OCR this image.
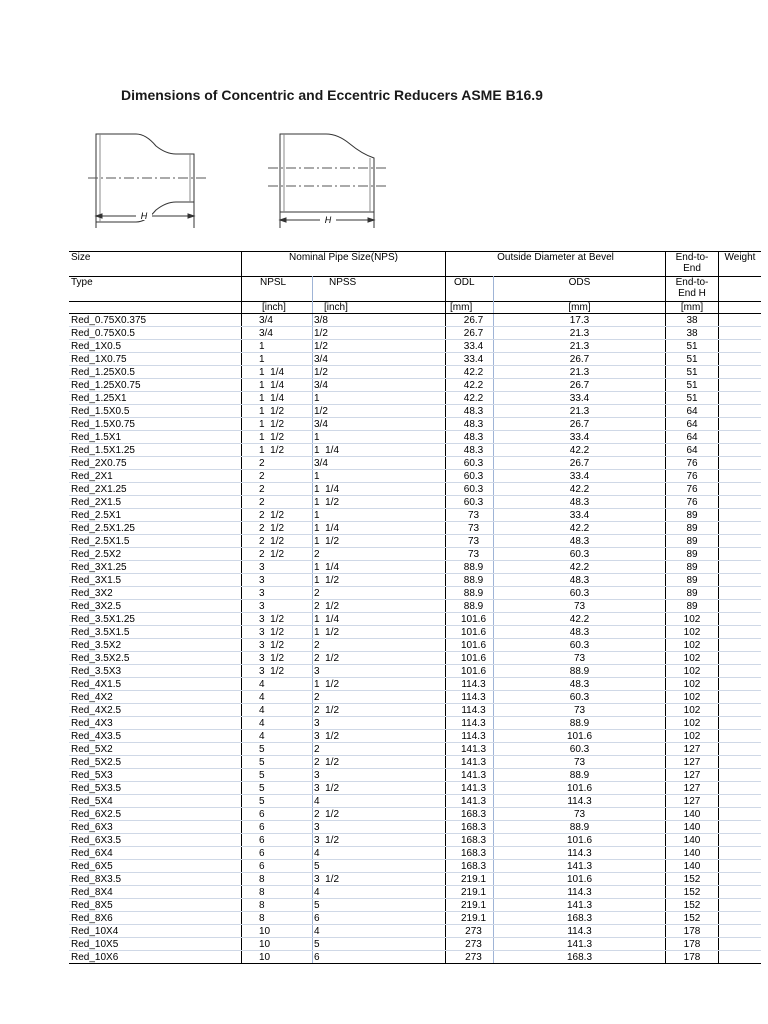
Dimensions of Concentric and Eccentric Reducers ASME B16.9
H	H
Size	Nominal Pipe Size(NPS)		Outside Diameter at Bevel		End-to-
End	Weight
Type	NPSL	NPSS	ODL	ODS	End-to-
End H	
	[inch]	[inch]	[mm]	[mm]	[mm]	
Red_0.75X0.375	3/4	3/8	26.7	17.3	38	
Red_0.75X0.5	3/4	1/2	26.7	21.3	38	
Red_1X0.5	1	1/2	33.4	21.3	51	
Red_1X0.75	1	3/4	33.4	26.7	51	
Red_1.25X0.5	1  1/4	1/2	42.2	21.3	51	
Red_1.25X0.75	1  1/4	3/4	42.2	26.7	51	
Red_1.25X1	1  1/4	1	42.2	33.4	51	
Red_1.5X0.5	1  1/2	1/2	48.3	21.3	64	
Red_1.5X0.75	1  1/2	3/4	48.3	26.7	64	
Red_1.5X1	1  1/2	1	48.3	33.4	64	
Red_1.5X1.25	1  1/2	1  1/4	48.3	42.2	64	
Red_2X0.75	2	3/4	60.3	26.7	76	
Red_2X1	2	1	60.3	33.4	76	
Red_2X1.25	2	1  1/4	60.3	42.2	76	
Red_2X1.5	2	1  1/2	60.3	48.3	76	
Red_2.5X1	2  1/2	1	73	33.4	89	
Red_2.5X1.25	2  1/2	1  1/4	73	42.2	89	
Red_2.5X1.5	2  1/2	1  1/2	73	48.3	89	
Red_2.5X2	2  1/2	2	73	60.3	89	
Red_3X1.25	3	1  1/4	88.9	42.2	89	
Red_3X1.5	3	1  1/2	88.9	48.3	89	
Red_3X2	3	2	88.9	60.3	89	
Red_3X2.5	3	2  1/2	88.9	73	89	
Red_3.5X1.25	3  1/2	1  1/4	101.6	42.2	102	
Red_3.5X1.5	3  1/2	1  1/2	101.6	48.3	102	
Red_3.5X2	3  1/2	2	101.6	60.3	102	
Red_3.5X2.5	3  1/2	2  1/2	101.6	73	102	
Red_3.5X3	3  1/2	3	101.6	88.9	102	
Red_4X1.5	4	1  1/2	114.3	48.3	102	
Red_4X2	4	2	114.3	60.3	102	
Red_4X2.5	4	2  1/2	114.3	73	102	
Red_4X3	4	3	114.3	88.9	102	
Red_4X3.5	4	3  1/2	114.3	101.6	102	
Red_5X2	5	2	141.3	60.3	127	
Red_5X2.5	5	2  1/2	141.3	73	127	
Red_5X3	5	3	141.3	88.9	127	
Red_5X3.5	5	3  1/2	141.3	101.6	127	
Red_5X4	5	4	141.3	114.3	127	
Red_6X2.5	6	2  1/2	168.3	73	140	
Red_6X3	6	3	168.3	88.9	140	
Red_6X3.5	6	3  1/2	168.3	101.6	140	
Red_6X4	6	4	168.3	114.3	140	
Red_6X5	6	5	168.3	141.3	140	
Red_8X3.5	8	3  1/2	219.1	101.6	152	
Red_8X4	8	4	219.1	114.3	152	
Red_8X5	8	5	219.1	141.3	152	
Red_8X6	8	6	219.1	168.3	152	
Red_10X4	10	4	273	114.3	178	
Red_10X5	10	5	273	141.3	178	
Red_10X6	10	6	273	168.3	178	
